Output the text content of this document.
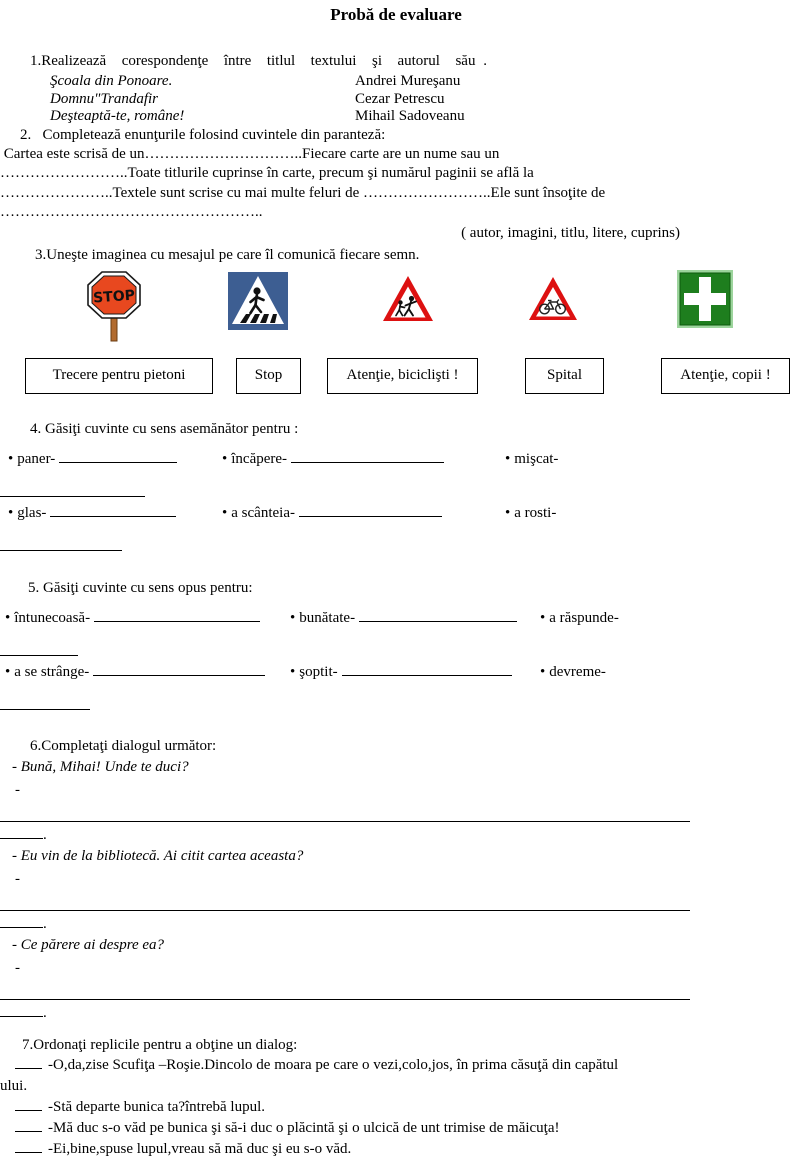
Probă de evaluare
1.Realizează  corespondenţe  între  titlul  textului  şi  autorul  său .
Şcoala din Ponoare.	Andrei Mureşanu
Domnu"Trandafir	Cezar Petrescu
Deşteaptă-te, române!	Mihail Sadoveanu
2.   Completează enunţurile folosind cuvintele din paranteză:
Cartea este scrisă de un…………………………..Fiecare carte are un nume sau un
……………………..Toate titlurile cuprinse în carte, precum şi numărul paginii se află la
…………………..Textele sunt scrise cu mai multe feluri de ……………………..Ele sunt însoţite de
……………………………………………..
( autor, imagini, titlu, litere, cuprins)
3.Uneşte imaginea cu mesajul pe care îl comunică fiecare semn.
STOP
Trecere pentru pietoni	Stop	Atenţie, biciclişti !	Spital	Atenţie, copii !
4. Găsiţi cuvinte cu sens asemănător pentru :
• paner-	• încăpere-	• mişcat-
• glas-	• a scânteia-	• a rosti-
5. Găsiţi cuvinte cu sens opus pentru:
• întunecoasă-	• bunătate-	• a răspunde-
• a se strânge-	• şoptit-	• devreme-
6.Completaţi dialogul următor:
- Bună, Mihai! Unde te duci?
-
.
- Eu vin de la bibliotecă. Ai citit cartea aceasta?
-
.
- Ce părere ai despre ea?
-
.
7.Ordonaţi replicile pentru a obţine un dialog:
-O,da,zise Scufiţa –Roşie.Dincolo de moara pe care o vezi,colo,jos, în prima căsuţă din capătul
ului.
-Stă departe bunica ta?întrebă lupul.
-Mă duc s-o văd pe bunica şi să-i duc o plăcintă şi o ulcică de unt trimise de măicuţa!
-Ei,bine,spuse lupul,vreau să mă duc şi eu s-o văd.
